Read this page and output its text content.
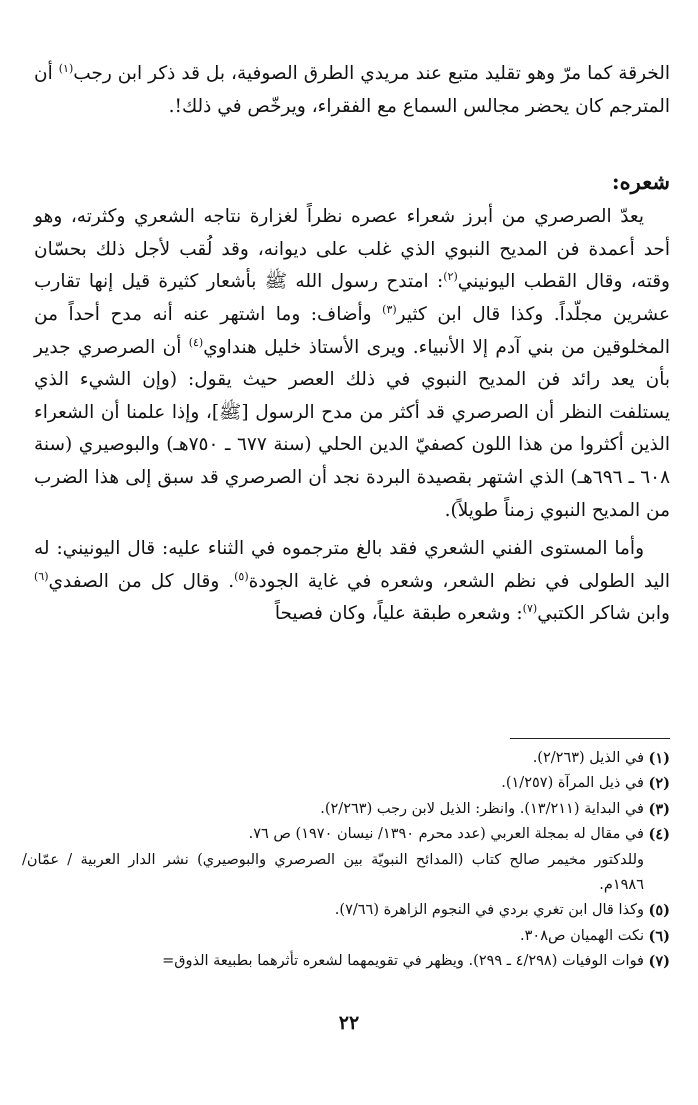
الخرقة كما مرّ وهو تقليد متبع عند مريدي الطرق الصوفية، بل قد ذكر ابن رجب$^{(١)}$ أن المترجم كان يحضر مجالس السماع مع الفقراء، ويرخّص في ذلك!.

شعره:

يعدّ الصرصري من أبرز شعراء عصره نظراً لغزارة نتاجه الشعري وكثرته، وهو أحد أعمدة فن المديح النبوي الذي غلب على ديوانه، وقد لُقب لأجل ذلك بحسّان وقته، وقال القطب اليونيني$^{(٢)}$: امتدح رسول الله ﷺ بأشعار كثيرة قيل إنها تقارب عشرين مجلّداً. وكذا قال ابن كثير$^{(٣)}$ وأضاف: وما اشتهر عنه أنه مدح أحداً من المخلوقين من بني آدم إلا الأنبياء. ويرى الأستاذ خليل هنداوي$^{(٤)}$ أن الصرصري جدير بأن يعد رائد فن المديح النبوي في ذلك العصر حيث يقول: (وإن الشيء الذي يستلفت النظر أن الصرصري قد أكثر من مدح الرسول [ﷺ]، وإذا علمنا أن الشعراء الذين أكثروا من هذا اللون كصفيّ الدين الحلي (سنة ٦٧٧ ـ ٧٥٠هـ) والبوصيري (سنة ٦٠٨ ـ ٦٩٦هـ) الذي اشتهر بقصيدة البردة نجد أن الصرصري قد سبق إلى هذا الضرب من المديح النبوي زمناً طويلاً).

وأما المستوى الفني الشعري فقد بالغ مترجموه في الثناء عليه: قال اليونيني: له اليد الطولى في نظم الشعر، وشعره في غاية الجودة$^{(٥)}$. وقال كل من الصفدي$^{(٦)}$ وابن شاكر الكتبي$^{(٧)}$: وشعره طبقة علياً، وكان فصيحاً

(١)
في الذيل (٢/٢٦٣).
(٢)
في ذيل المرآة (١/٢٥٧).
(٣)
في البداية (١٣/٢١١). وانظر: الذيل لابن رجب (٢/٢٦٣).
(٤)
في مقال له بمجلة العربي (عدد محرم ١٣٩٠/ نيسان ١٩٧٠) ص ٧٦.
وللدكتور مخيمر صالح كتاب (المدائح النبويّة بين الصرصري والبوصيري) نشر الدار العربية / عمّان/ ١٩٨٦م.
(٥)
وكذا قال ابن تغري بردي في النجوم الزاهرة (٧/٦٦).
(٦)
نكت الهميان ص٣٠٨.
(٧)
فوات الوفيات (٤/٢٩٨ ـ ٢٩٩). ويظهر في تقويمهما لشعره تأثرهما بطبيعة الذوق=
٢٢
